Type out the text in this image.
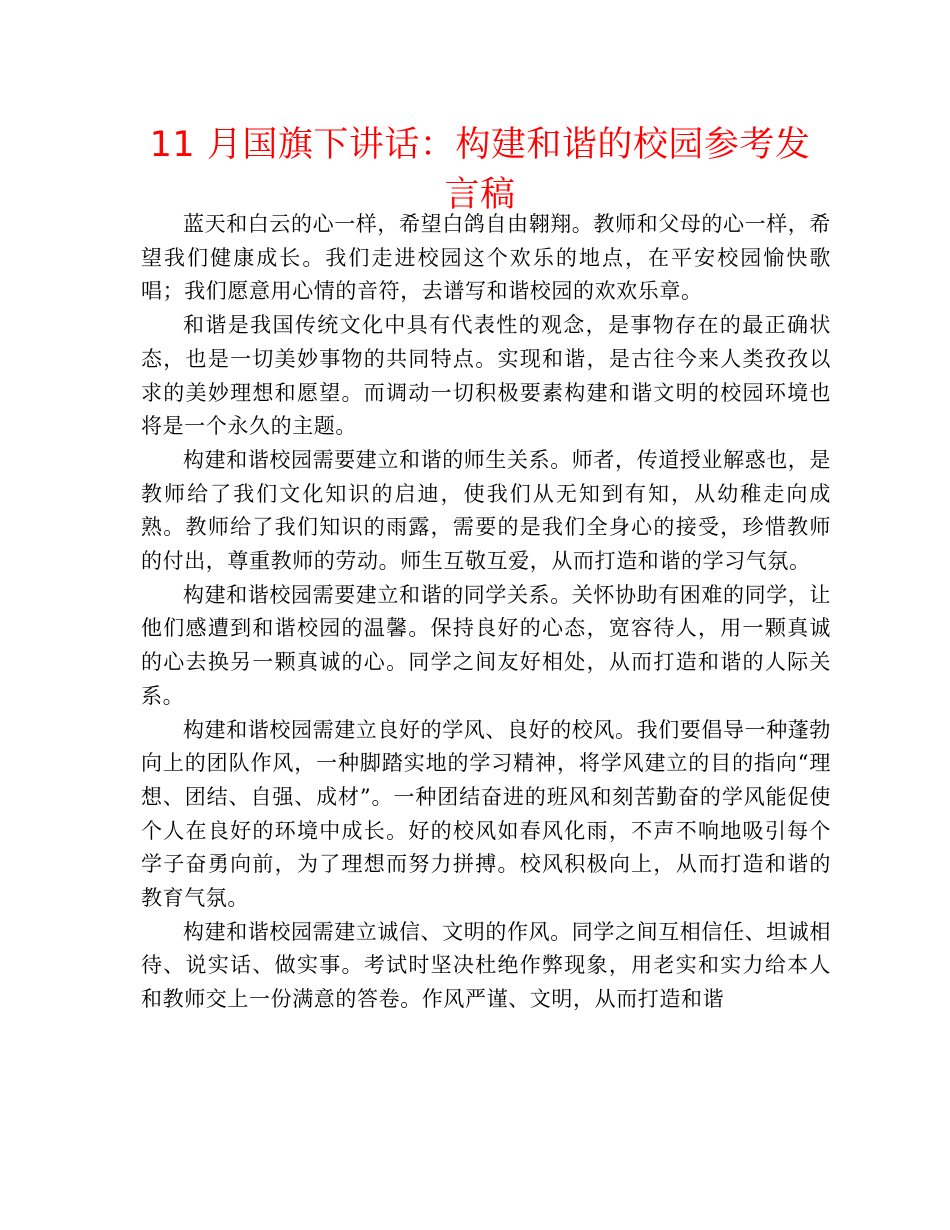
11 月国旗下讲话：构建和谐的校园参考发言稿

蓝天和白云的心一样，希望白鸽自由翱翔。教师和父母的心一样，希望我们健康成长。我们走进校园这个欢乐的地点，在平安校园愉快歌唱；我们愿意用心情的音符，去谱写和谐校园的欢欢乐章。

和谐是我国传统文化中具有代表性的观念，是事物存在的最正确状态，也是一切美妙事物的共同特点。实现和谐，是古往今来人类孜孜以求的美妙理想和愿望。而调动一切积极要素构建和谐文明的校园环境也将是一个永久的主题。

构建和谐校园需要建立和谐的师生关系。师者，传道授业解惑也，是教师给了我们文化知识的启迪，使我们从无知到有知，从幼稚走向成熟。教师给了我们知识的雨露，需要的是我们全身心的接受，珍惜教师的付出，尊重教师的劳动。师生互敬互爱，从而打造和谐的学习气氛。

构建和谐校园需要建立和谐的同学关系。关怀协助有困难的同学，让他们感遭到和谐校园的温馨。保持良好的心态，宽容待人，用一颗真诚的心去换另一颗真诚的心。同学之间友好相处，从而打造和谐的人际关系。

构建和谐校园需建立良好的学风、良好的校风。我们要倡导一种蓬勃向上的团队作风，一种脚踏实地的学习精神，将学风建立的目的指向“理想、团结、自强、成材”。一种团结奋进的班风和刻苦勤奋的学风能促使个人在良好的环境中成长。好的校风如春风化雨，不声不响地吸引每个学子奋勇向前，为了理想而努力拼搏。校风积极向上，从而打造和谐的教育气氛。

构建和谐校园需建立诚信、文明的作风。同学之间互相信任、坦诚相待、说实话、做实事。考试时坚决杜绝作弊现象，用老实和实力给本人和教师交上一份满意的答卷。作风严谨、文明，从而打造和谐
